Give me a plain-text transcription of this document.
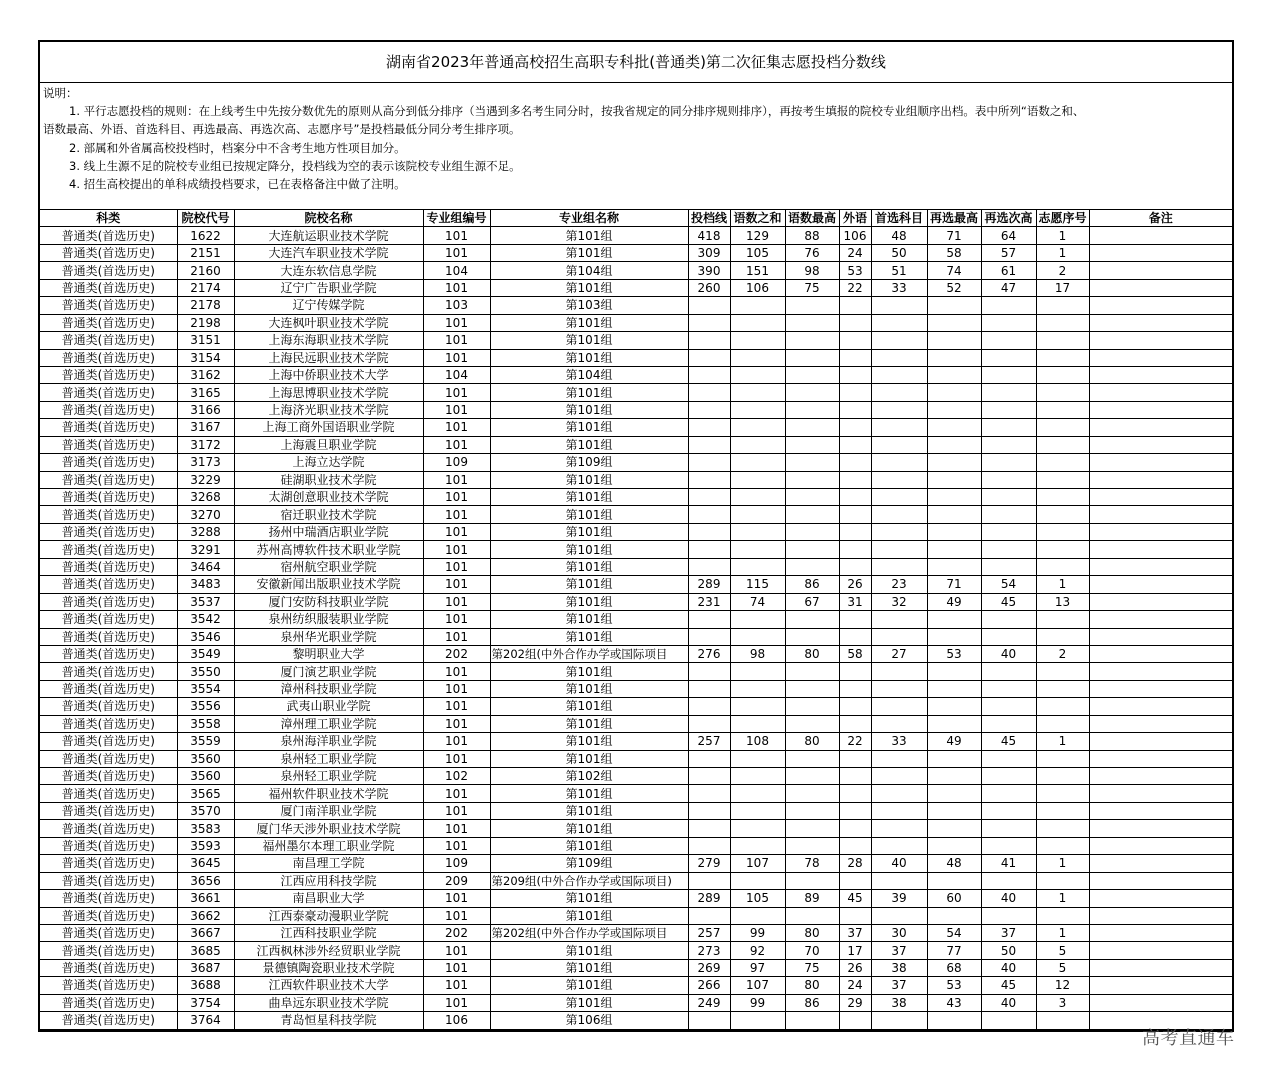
湖南省2023年普通高校招生高职专科批(普通类)第二次征集志愿投档分数线
说明：
1. 平行志愿投档的规则：在上线考生中先按分数优先的原则从高分到低分排序（当遇到多名考生同分时，按我省规定的同分排序规则排序），再按考生填报的院校专业组顺序出档。表中所列“语数之和、
语数最高、外语、首选科目、再选最高、再选次高、志愿序号”是投档最低分同分考生排序项。
2. 部属和外省属高校投档时，档案分中不含考生地方性项目加分。
3. 线上生源不足的院校专业组已按规定降分，投档线为空的表示该院校专业组生源不足。
4. 招生高校提出的单科成绩投档要求，已在表格备注中做了注明。
科类	院校代号	院校名称	专业组编号	专业组名称	投档线	语数之和	语数最高	外语	首选科目	再选最高	再选次高	志愿序号	备注
普通类(首选历史)	1622	大连航运职业技术学院	101	第101组	418	129	88	106	48	71	64	1	
普通类(首选历史)	2151	大连汽车职业技术学院	101	第101组	309	105	76	24	50	58	57	1	
普通类(首选历史)	2160	大连东软信息学院	104	第104组	390	151	98	53	51	74	61	2	
普通类(首选历史)	2174	辽宁广告职业学院	101	第101组	260	106	75	22	33	52	47	17	
普通类(首选历史)	2178	辽宁传媒学院	103	第103组									
普通类(首选历史)	2198	大连枫叶职业技术学院	101	第101组									
普通类(首选历史)	3151	上海东海职业技术学院	101	第101组									
普通类(首选历史)	3154	上海民远职业技术学院	101	第101组									
普通类(首选历史)	3162	上海中侨职业技术大学	104	第104组									
普通类(首选历史)	3165	上海思博职业技术学院	101	第101组									
普通类(首选历史)	3166	上海济光职业技术学院	101	第101组									
普通类(首选历史)	3167	上海工商外国语职业学院	101	第101组									
普通类(首选历史)	3172	上海震旦职业学院	101	第101组									
普通类(首选历史)	3173	上海立达学院	109	第109组									
普通类(首选历史)	3229	硅湖职业技术学院	101	第101组									
普通类(首选历史)	3268	太湖创意职业技术学院	101	第101组									
普通类(首选历史)	3270	宿迁职业技术学院	101	第101组									
普通类(首选历史)	3288	扬州中瑞酒店职业学院	101	第101组									
普通类(首选历史)	3291	苏州高博软件技术职业学院	101	第101组									
普通类(首选历史)	3464	宿州航空职业学院	101	第101组									
普通类(首选历史)	3483	安徽新闻出版职业技术学院	101	第101组	289	115	86	26	23	71	54	1	
普通类(首选历史)	3537	厦门安防科技职业学院	101	第101组	231	74	67	31	32	49	45	13	
普通类(首选历史)	3542	泉州纺织服装职业学院	101	第101组									
普通类(首选历史)	3546	泉州华光职业学院	101	第101组									
普通类(首选历史)	3549	黎明职业大学	202	第202组(中外合作办学或国际项目	276	98	80	58	27	53	40	2	
普通类(首选历史)	3550	厦门演艺职业学院	101	第101组									
普通类(首选历史)	3554	漳州科技职业学院	101	第101组									
普通类(首选历史)	3556	武夷山职业学院	101	第101组									
普通类(首选历史)	3558	漳州理工职业学院	101	第101组									
普通类(首选历史)	3559	泉州海洋职业学院	101	第101组	257	108	80	22	33	49	45	1	
普通类(首选历史)	3560	泉州轻工职业学院	101	第101组									
普通类(首选历史)	3560	泉州轻工职业学院	102	第102组									
普通类(首选历史)	3565	福州软件职业技术学院	101	第101组									
普通类(首选历史)	3570	厦门南洋职业学院	101	第101组									
普通类(首选历史)	3583	厦门华天涉外职业技术学院	101	第101组									
普通类(首选历史)	3593	福州墨尔本理工职业学院	101	第101组									
普通类(首选历史)	3645	南昌理工学院	109	第109组	279	107	78	28	40	48	41	1	
普通类(首选历史)	3656	江西应用科技学院	209	第209组(中外合作办学或国际项目)									
普通类(首选历史)	3661	南昌职业大学	101	第101组	289	105	89	45	39	60	40	1	
普通类(首选历史)	3662	江西泰豪动漫职业学院	101	第101组									
普通类(首选历史)	3667	江西科技职业学院	202	第202组(中外合作办学或国际项目	257	99	80	37	30	54	37	1	
普通类(首选历史)	3685	江西枫林涉外经贸职业学院	101	第101组	273	92	70	17	37	77	50	5	
普通类(首选历史)	3687	景德镇陶瓷职业技术学院	101	第101组	269	97	75	26	38	68	40	5	
普通类(首选历史)	3688	江西软件职业技术大学	101	第101组	266	107	80	24	37	53	45	12	
普通类(首选历史)	3754	曲阜远东职业技术学院	101	第101组	249	99	86	29	38	43	40	3	
普通类(首选历史)	3764	青岛恒星科技学院	106	第106组									
高考直通车
